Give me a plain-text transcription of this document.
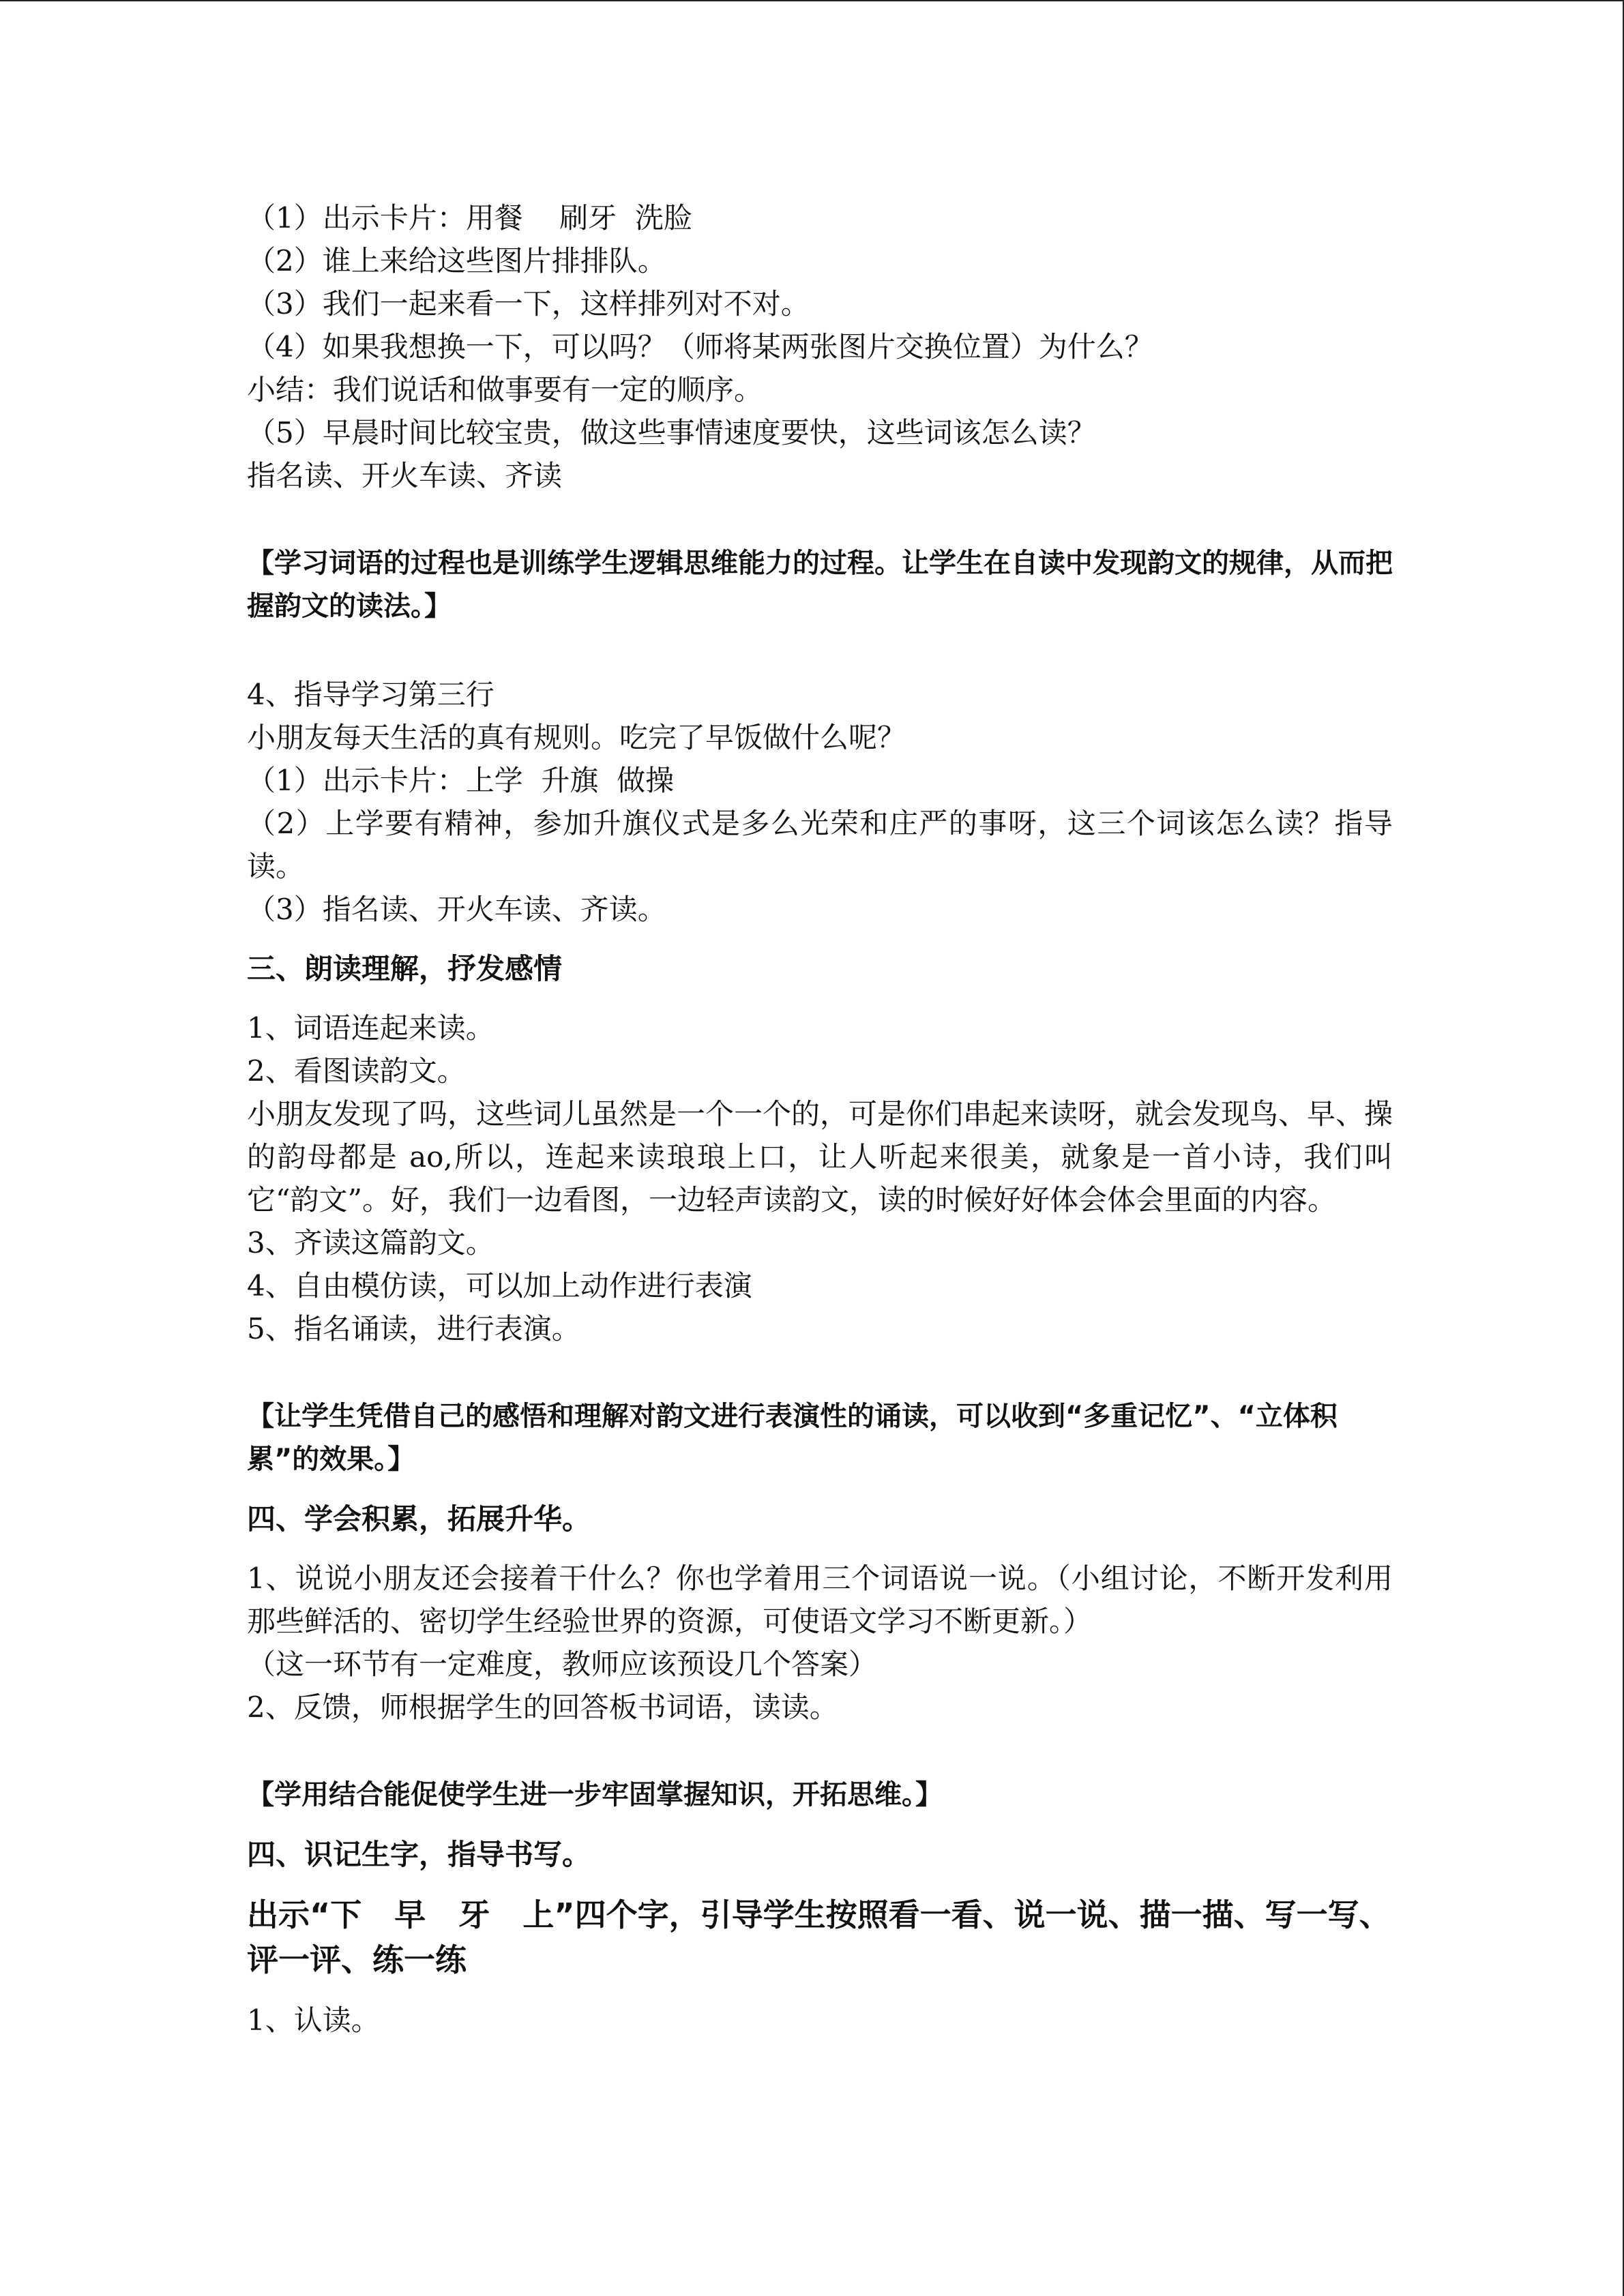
（1）出示卡片：用餐    刷牙  洗脸

（2）谁上来给这些图片排排队。

（3）我们一起来看一下，这样排列对不对。

（4）如果我想换一下，可以吗？（师将某两张图片交换位置）为什么？

小结：我们说话和做事要有一定的顺序。

（5）早晨时间比较宝贵，做这些事情速度要快，这些词该怎么读？

指名读、开火车读、齐读

【学习词语的过程也是训练学生逻辑思维能力的过程。让学生在自读中发现韵文的规律，从而把握韵文的读法。】

4、指导学习第三行

小朋友每天生活的真有规则。吃完了早饭做什么呢？

（1）出示卡片：上学  升旗  做操

（2）上学要有精神，参加升旗仪式是多么光荣和庄严的事呀，这三个词该怎么读？指导读。

（3）指名读、开火车读、齐读。

三、朗读理解，抒发感情

1、词语连起来读。

2、看图读韵文。

小朋友发现了吗，这些词儿虽然是一个一个的，可是你们串起来读呀，就会发现鸟、早、操的韵母都是 ao,所以，连起来读琅琅上口，让人听起来很美，就象是一首小诗，我们叫它“韵文”。好，我们一边看图，一边轻声读韵文，读的时候好好体会体会里面的内容。

3、齐读这篇韵文。

4、自由模仿读，可以加上动作进行表演

5、指名诵读，进行表演。

【让学生凭借自己的感悟和理解对韵文进行表演性的诵读，可以收到“多重记忆”、“立体积累”的效果。】

四、学会积累，拓展升华。

1、说说小朋友还会接着干什么？你也学着用三个词语说一说。（小组讨论，不断开发利用那些鲜活的、密切学生经验世界的资源，可使语文学习不断更新。）

（这一环节有一定难度，教师应该预设几个答案）

2、反馈，师根据学生的回答板书词语，读读。

【学用结合能促使学生进一步牢固掌握知识，开拓思维。】

四、识记生字，指导书写。

出示“下   早   牙   上”四个字，引导学生按照看一看、说一说、描一描、写一写、评一评、练一练

1、认读。
